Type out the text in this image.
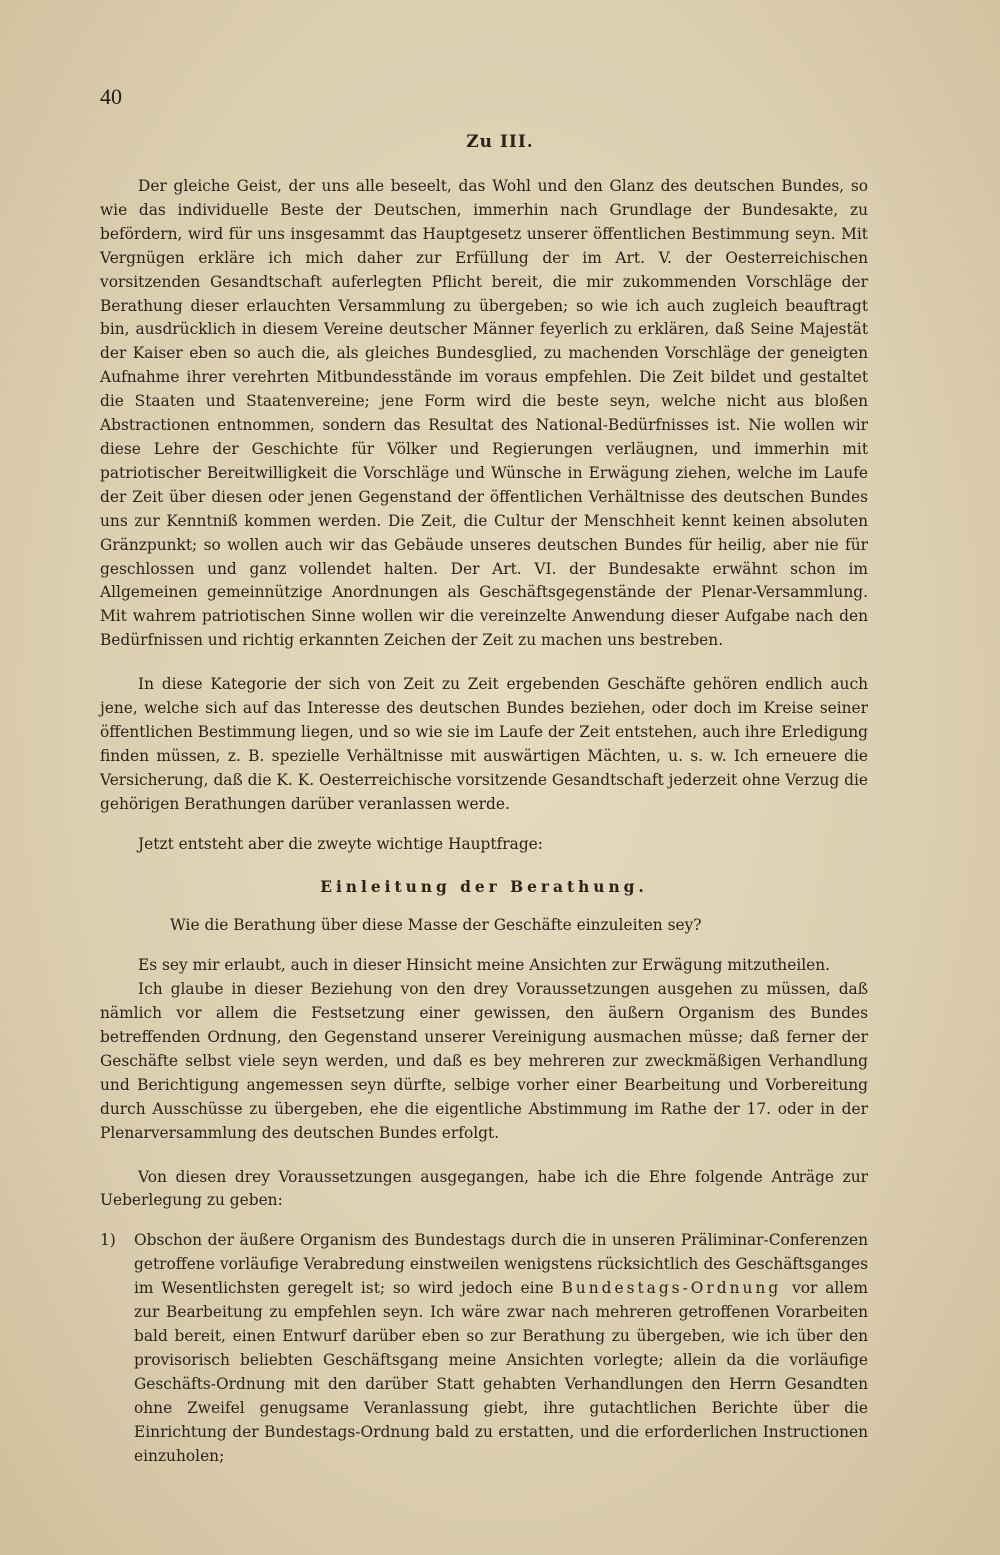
40
Zu III.

Der gleiche Geist, der uns alle beseelt, das Wohl und den Glanz des deutschen Bundes, so wie das individuelle Beste der Deutschen, immerhin nach Grundlage der Bundesakte, zu befördern, wird für uns insgesammt das Hauptgesetz unserer öffentlichen Bestimmung seyn. Mit Vergnügen erkläre ich mich daher zur Erfüllung der im Art. V. der Oesterreichischen vorsitzenden Gesandtschaft auferlegten Pflicht bereit, die mir zukommenden Vorschläge der Berathung dieser erlauchten Versammlung zu übergeben; so wie ich auch zugleich beauftragt bin, ausdrücklich in diesem Vereine deutscher Männer feyerlich zu erklären, daß Seine Majestät der Kaiser eben so auch die, als gleiches Bundesglied, zu machenden Vorschläge der geneigten Aufnahme ihrer verehrten Mitbundesstände im voraus empfehlen. Die Zeit bildet und gestaltet die Staaten und Staatenvereine; jene Form wird die beste seyn, welche nicht aus bloßen Abstractionen entnommen, sondern das Resultat des National-Bedürfnisses ist. Nie wollen wir diese Lehre der Geschichte für Völker und Regierungen verläugnen, und immerhin mit patriotischer Bereitwilligkeit die Vorschläge und Wünsche in Erwägung ziehen, welche im Laufe der Zeit über diesen oder jenen Gegenstand der öffentlichen Verhältnisse des deutschen Bundes uns zur Kenntniß kommen werden. Die Zeit, die Cultur der Menschheit kennt keinen absoluten Gränzpunkt; so wollen auch wir das Gebäude unseres deutschen Bundes für heilig, aber nie für geschlossen und ganz vollendet halten. Der Art. VI. der Bundesakte erwähnt schon im Allgemeinen gemeinnützige Anordnungen als Geschäftsgegenstände der Plenar-Versammlung. Mit wahrem patriotischen Sinne wollen wir die vereinzelte Anwendung dieser Aufgabe nach den Bedürfnissen und richtig erkannten Zeichen der Zeit zu machen uns bestreben.

In diese Kategorie der sich von Zeit zu Zeit ergebenden Geschäfte gehören endlich auch jene, welche sich auf das Interesse des deutschen Bundes beziehen, oder doch im Kreise seiner öffentlichen Bestimmung liegen, und so wie sie im Laufe der Zeit entstehen, auch ihre Erledigung finden müssen, z. B. spezielle Verhältnisse mit auswärtigen Mächten, u. s. w. Ich erneuere die Versicherung, daß die K. K. Oesterreichische vorsitzende Gesandtschaft jederzeit ohne Verzug die gehörigen Berathungen darüber veranlassen werde.

Jetzt entsteht aber die zweyte wichtige Hauptfrage:

Einleitung der Berathung.

Wie die Berathung über diese Masse der Geschäfte einzuleiten sey?

Es sey mir erlaubt, auch in dieser Hinsicht meine Ansichten zur Erwägung mitzutheilen.

Ich glaube in dieser Beziehung von den drey Voraussetzungen ausgehen zu müssen, daß nämlich vor allem die Festsetzung einer gewissen, den äußern Organism des Bundes betreffenden Ordnung, den Gegenstand unserer Vereinigung ausmachen müsse; daß ferner der Geschäfte selbst viele seyn werden, und daß es bey mehreren zur zweckmäßigen Verhandlung und Berichtigung angemessen seyn dürfte, selbige vorher einer Bearbeitung und Vorbereitung durch Ausschüsse zu übergeben, ehe die eigentliche Abstimmung im Rathe der 17. oder in der Plenarversammlung des deutschen Bundes erfolgt.

Von diesen drey Voraussetzungen ausgegangen, habe ich die Ehre folgende Anträge zur Ueberlegung zu geben:

1) Obschon der äußere Organism des Bundestags durch die in unseren Präliminar-Conferenzen getroffene vorläufige Verabredung einstweilen wenigstens rücksichtlich des Geschäftsganges im Wesentlichsten geregelt ist; so wird jedoch eine Bundestags-Ordnung vor allem zur Bearbeitung zu empfehlen seyn. Ich wäre zwar nach mehreren getroffenen Vorarbeiten bald bereit, einen Entwurf darüber eben so zur Berathung zu übergeben, wie ich über den provisorisch beliebten Geschäftsgang meine Ansichten vorlegte; allein da die vorläufige Geschäfts-Ordnung mit den darüber Statt gehabten Verhandlungen den Herrn Gesandten ohne Zweifel genugsame Veranlassung giebt, ihre gutachtlichen Berichte über die Einrichtung der Bundestags-Ordnung bald zu erstatten, und die erforderlichen Instructionen einzuholen;
